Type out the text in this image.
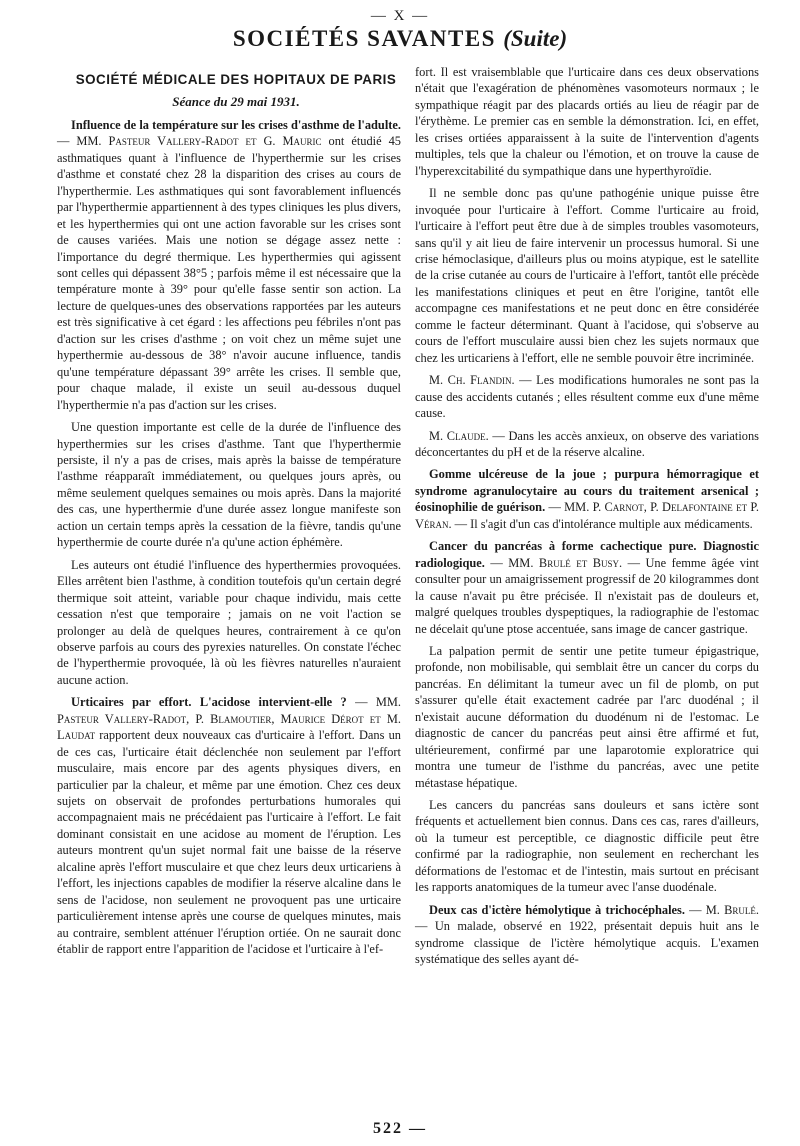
— X —
SOCIÉTÉS SAVANTES (Suite)

SOCIÉTÉ MÉDICALE DES HOPITAUX DE PARIS

Séance du 29 mai 1931.

Influence de la température sur les crises d'asthme de l'adulte. — MM. Pasteur Vallery-Radot et G. Mauric ont étudié 45 asthmatiques quant à l'influence de l'hyperthermie sur les crises d'asthme et constaté chez 28 la disparition des crises au cours de l'hyperthermie. Les asthmatiques qui sont favorablement influencés par l'hyperthermie appartiennent à des types cliniques les plus divers, et les hyperthermies qui ont une action favorable sur les crises sont de causes variées. Mais une notion se dégage assez nette : l'importance du degré thermique. Les hyperthermies qui agissent sont celles qui dépassent 38°5 ; parfois même il est nécessaire que la température monte à 39° pour qu'elle fasse sentir son action. La lecture de quelques-unes des observations rapportées par les auteurs est très significative à cet égard : les affections peu fébriles n'ont pas d'action sur les crises d'asthme ; on voit chez un même sujet une hyperthermie au-dessous de 38° n'avoir aucune influence, tandis qu'une température dépassant 39° arrête les crises. Il semble que, pour chaque malade, il existe un seuil au-dessous duquel l'hyperthermie n'a pas d'action sur les crises.

Une question importante est celle de la durée de l'influence des hyperthermies sur les crises d'asthme. Tant que l'hyperthermie persiste, il n'y a pas de crises, mais après la baisse de température l'asthme réapparaît immédiatement, ou quelques jours après, ou même seulement quelques semaines ou mois après. Dans la majorité des cas, une hyperthermie d'une durée assez longue manifeste son action un certain temps après la cessation de la fièvre, tandis qu'une hyperthermie de courte durée n'a qu'une action éphémère.

Les auteurs ont étudié l'influence des hyperthermies provoquées. Elles arrêtent bien l'asthme, à condition toutefois qu'un certain degré thermique soit atteint, variable pour chaque individu, mais cette cessation n'est que temporaire ; jamais on ne voit l'action se prolonger au delà de quelques heures, contrairement à ce qu'on observe parfois au cours des pyrexies naturelles. On constate l'échec de l'hyperthermie provoquée, là où les fièvres naturelles n'auraient aucune action.

Urticaires par effort. L'acidose intervient-elle ? — MM. Pasteur Vallery-Radot, P. Blamoutier, Maurice Dérot et M. Laudat rapportent deux nouveaux cas d'urticaire à l'effort. Dans un de ces cas, l'urticaire était déclenchée non seulement par l'effort musculaire, mais encore par des agents physiques divers, en particulier par la chaleur, et même par une émotion. Chez ces deux sujets on observait de profondes perturbations humorales qui accompagnaient mais ne précédaient pas l'urticaire à l'effort. Le fait dominant consistait en une acidose au moment de l'éruption. Les auteurs montrent qu'un sujet normal fait une baisse de la réserve alcaline après l'effort musculaire et que chez leurs deux urticariens à l'effort, les injections capables de modifier la réserve alcaline dans le sens de l'acidose, non seulement ne provoquent pas une urticaire particulièrement intense après une course de quelques minutes, mais au contraire, semblent atténuer l'éruption ortiée. On ne saurait donc établir de rapport entre l'apparition de l'acidose et l'urticaire à l'ef-

fort. Il est vraisemblable que l'urticaire dans ces deux observations n'était que l'exagération de phénomènes vasomoteurs normaux ; le sympathique réagit par des placards ortiés au lieu de réagir par de l'érythème. Le premier cas en semble la démonstration. Ici, en effet, les crises ortiées apparaissent à la suite de l'intervention d'agents multiples, tels que la chaleur ou l'émotion, et on trouve la cause de l'hyperexcitabilité du sympathique dans une hyperthyroïdie.

Il ne semble donc pas qu'une pathogénie unique puisse être invoquée pour l'urticaire à l'effort. Comme l'urticaire au froid, l'urticaire à l'effort peut être due à de simples troubles vasomoteurs, sans qu'il y ait lieu de faire intervenir un processus humoral. Si une crise hémoclasique, d'ailleurs plus ou moins atypique, est le satellite de la crise cutanée au cours de l'urticaire à l'effort, tantôt elle précède les manifestations cliniques et peut en être l'origine, tantôt elle accompagne ces manifestations et ne peut donc en être considérée comme le facteur déterminant. Quant à l'acidose, qui s'observe au cours de l'effort musculaire aussi bien chez les sujets normaux que chez les urticariens à l'effort, elle ne semble pouvoir être incriminée.

M. Ch. Flandin. — Les modifications humorales ne sont pas la cause des accidents cutanés ; elles résultent comme eux d'une même cause.

M. Claude. — Dans les accès anxieux, on observe des variations déconcertantes du pH et de la réserve alcaline.

Gomme ulcéreuse de la joue ; purpura hémorragique et syndrome agranulocytaire au cours du traitement arsenical ; éosinophilie de guérison. — MM. P. Carnot, P. Delafontaine et P. Véran. — Il s'agit d'un cas d'intolérance multiple aux médicaments.

Cancer du pancréas à forme cachectique pure. Diagnostic radiologique. — MM. Brulé et Busy. — Une femme âgée vint consulter pour un amaigrissement progressif de 20 kilogrammes dont la cause n'avait pu être précisée. Il n'existait pas de douleurs et, malgré quelques troubles dyspeptiques, la radiographie de l'estomac ne décelait qu'une ptose accentuée, sans image de cancer gastrique.

La palpation permit de sentir une petite tumeur épigastrique, profonde, non mobilisable, qui semblait être un cancer du corps du pancréas. En délimitant la tumeur avec un fil de plomb, on put s'assurer qu'elle était exactement cadrée par l'arc duodénal ; il n'existait aucune déformation du duodénum ni de l'estomac. Le diagnostic de cancer du pancréas peut ainsi être affirmé et fut, ultérieurement, confirmé par une laparotomie exploratrice qui montra une tumeur de l'isthme du pancréas, avec une petite métastase hépatique.

Les cancers du pancréas sans douleurs et sans ictère sont fréquents et actuellement bien connus. Dans ces cas, rares d'ailleurs, où la tumeur est perceptible, ce diagnostic difficile peut être confirmé par la radiographie, non seulement en recherchant les déformations de l'estomac et de l'intestin, mais surtout en précisant les rapports anatomiques de la tumeur avec l'anse duodénale.

Deux cas d'ictère hémolytique à trichocéphales. — M. Brulé. — Un malade, observé en 1922, présentait depuis huit ans le syndrome classique de l'ictère hémolytique acquis. L'examen systématique des selles ayant dé-

522 —
